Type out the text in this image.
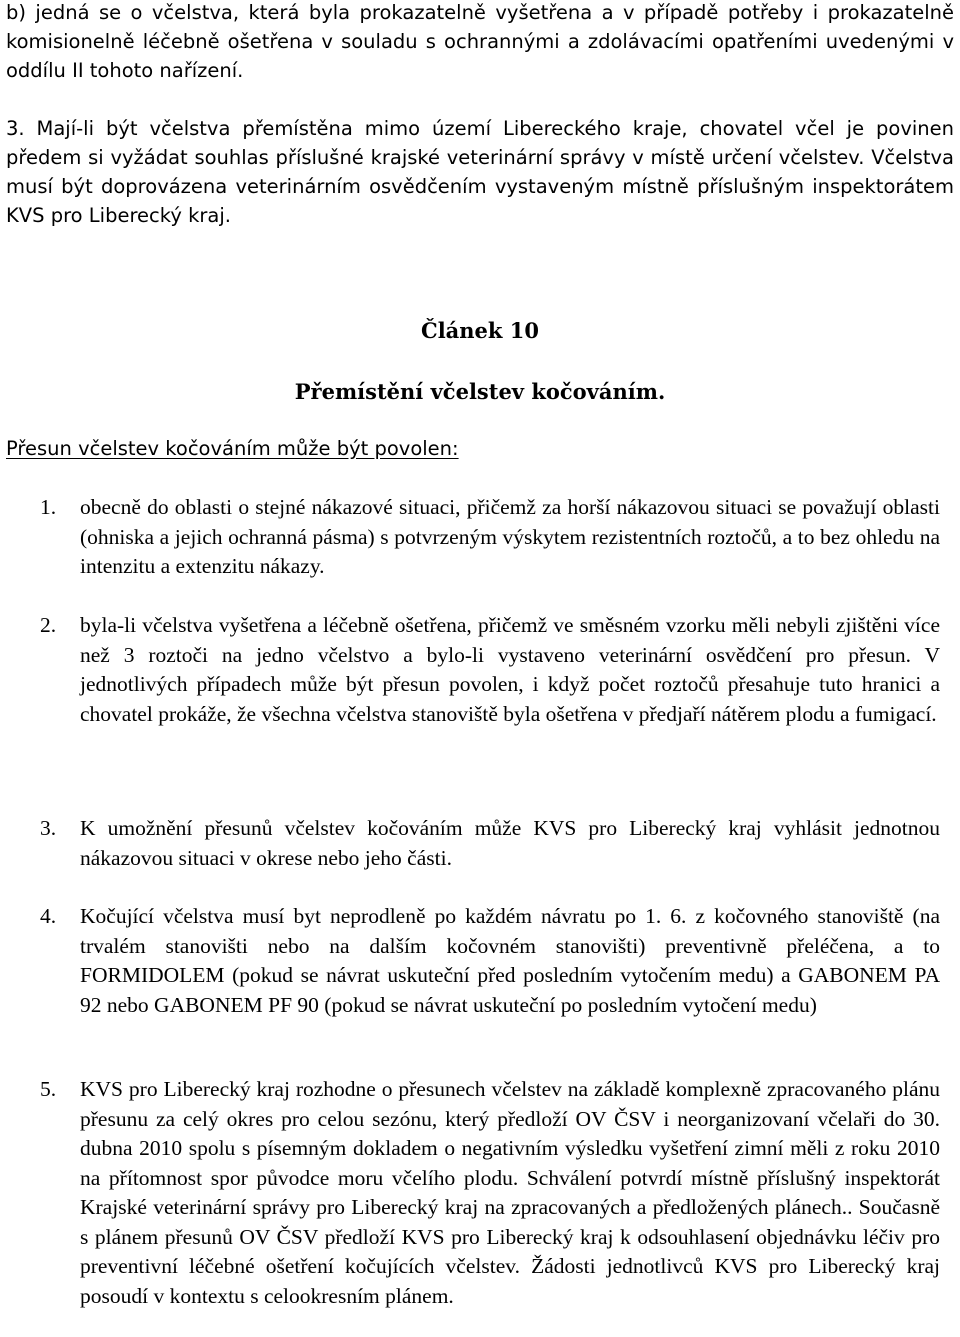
b) jedná se o včelstva, která byla prokazatelně vyšetřena a v případě potřeby i prokazatelně komisionelně léčebně ošetřena v souladu s ochrannými a zdolávacími opatřeními uvedenými v oddílu II tohoto nařízení.
3. Mají-li být včelstva přemístěna mimo území Libereckého kraje, chovatel včel je povinen předem si vyžádat souhlas příslušné krajské veterinární správy v místě určení včelstev. Včelstva musí být doprovázena veterinárním osvědčením vystaveným místně příslušným inspektorátem KVS pro Liberecký kraj.
Článek 10
Přemístění včelstev kočováním.
Přesun včelstev kočováním může být povolen:
1. obecně do oblasti o stejné nákazové situaci, přičemž za horší nákazovou situaci se považují oblasti (ohniska a jejich ochranná pásma) s potvrzeným výskytem rezistentních roztočů, a to bez ohledu na intenzitu a extenzitu nákazy.
2. byla-li včelstva vyšetřena a léčebně ošetřena, přičemž ve směsném vzorku měli nebyli zjištěni více než 3 roztoči na jedno včelstvo a bylo-li vystaveno veterinární osvědčení pro přesun. V jednotlivých případech může být přesun povolen, i když počet roztočů přesahuje tuto hranici a chovatel prokáže, že všechna včelstva stanoviště byla ošetřena v předjaří nátěrem plodu a fumigací.
3. K umožnění přesunů včelstev kočováním může KVS pro Liberecký kraj vyhlásit jednotnou nákazovou situaci v okrese nebo jeho části.
4. Kočující včelstva musí byt neprodleně po každém návratu po 1. 6. z kočovného stanoviště (na trvalém stanovišti nebo na dalším kočovném stanovišti) preventivně přeléčena, a to FORMIDOLEM (pokud se návrat uskuteční před posledním vytočením medu) a GABONEM PA 92 nebo GABONEM PF 90 (pokud se návrat uskuteční po posledním vytočení medu)
5. KVS pro Liberecký kraj rozhodne o přesunech včelstev na základě komplexně zpracovaného plánu přesunu za celý okres pro celou sezónu, který předloží OV ČSV i neorganizovaní včelaři do 30. dubna 2010 spolu s písemným dokladem o negativním výsledku vyšetření zimní měli z roku 2010 na přítomnost spor původce moru včelího plodu. Schválení potvrdí místně příslušný inspektorát Krajské veterinární správy pro Liberecký kraj na zpracovaných a předložených plánech.. Současně s plánem přesunů OV ČSV předloží KVS pro Liberecký kraj k odsouhlasení objednávku léčiv pro preventivní léčebné ošetření kočujících včelstev. Žádosti jednotlivců KVS pro Liberecký kraj posoudí v kontextu s celookresním plánem.
